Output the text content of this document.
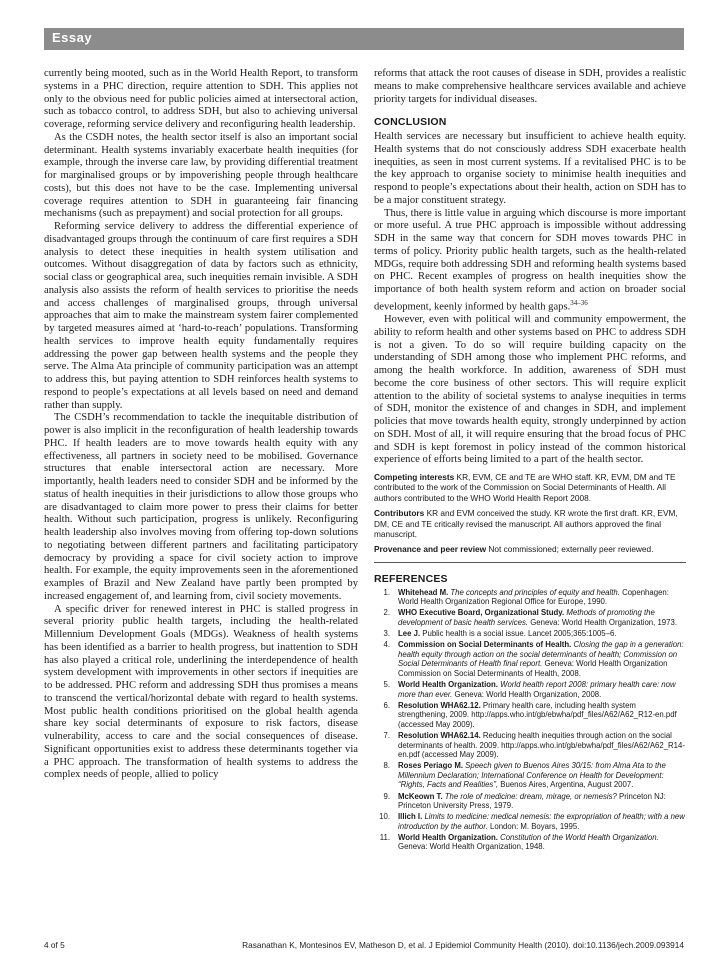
Essay

currently being mooted, such as in the World Health Report, to transform systems in a PHC direction, require attention to SDH. This applies not only to the obvious need for public policies aimed at intersectoral action, such as tobacco control, to address SDH, but also to achieving universal coverage, reforming service delivery and reconfiguring health leadership.

As the CSDH notes, the health sector itself is also an important social determinant. Health systems invariably exacerbate health inequities (for example, through the inverse care law, by providing differential treatment for marginalised groups or by impoverishing people through healthcare costs), but this does not have to be the case. Implementing universal coverage requires attention to SDH in guaranteeing fair financing mechanisms (such as prepayment) and social protection for all groups.

Reforming service delivery to address the differential experience of disadvantaged groups through the continuum of care first requires a SDH analysis to detect these inequities in health system utilisation and outcomes. Without disaggregation of data by factors such as ethnicity, social class or geographical area, such inequities remain invisible. A SDH analysis also assists the reform of health services to prioritise the needs and access challenges of marginalised groups, through universal approaches that aim to make the mainstream system fairer complemented by targeted measures aimed at ‘hard-to-reach’ populations. Transforming health services to improve health equity fundamentally requires addressing the power gap between health systems and the people they serve. The Alma Ata principle of community participation was an attempt to address this, but paying attention to SDH reinforces health systems to respond to people’s expectations at all levels based on need and demand rather than supply.

The CSDH’s recommendation to tackle the inequitable distribution of power is also implicit in the reconfiguration of health leadership towards PHC. If health leaders are to move towards health equity with any effectiveness, all partners in society need to be mobilised. Governance structures that enable intersectoral action are necessary. More importantly, health leaders need to consider SDH and be informed by the status of health inequities in their jurisdictions to allow those groups who are disadvantaged to claim more power to press their claims for better health. Without such participation, progress is unlikely. Reconfiguring health leadership also involves moving from offering top-down solutions to negotiating between different partners and facilitating participatory democracy by providing a space for civil society action to improve health. For example, the equity improvements seen in the aforementioned examples of Brazil and New Zealand have partly been prompted by increased engagement of, and learning from, civil society movements.

A specific driver for renewed interest in PHC is stalled progress in several priority public health targets, including the health-related Millennium Development Goals (MDGs). Weakness of health systems has been identified as a barrier to health progress, but inattention to SDH has also played a critical role, underlining the interdependence of health system development with improvements in other sectors if inequities are to be addressed. PHC reform and addressing SDH thus promises a means to transcend the vertical/horizontal debate with regard to health systems. Most public health conditions prioritised on the global health agenda share key social determinants of exposure to risk factors, disease vulnerability, access to care and the social consequences of disease. Significant opportunities exist to address these determinants together via a PHC approach. The transformation of health systems to address the complex needs of people, allied to policy

reforms that attack the root causes of disease in SDH, provides a realistic means to make comprehensive healthcare services available and achieve priority targets for individual diseases.

CONCLUSION

Health services are necessary but insufficient to achieve health equity. Health systems that do not consciously address SDH exacerbate health inequities, as seen in most current systems. If a revitalised PHC is to be the key approach to organise society to minimise health inequities and respond to people’s expectations about their health, action on SDH has to be a major constituent strategy.

Thus, there is little value in arguing which discourse is more important or more useful. A true PHC approach is impossible without addressing SDH in the same way that concern for SDH moves towards PHC in terms of policy. Priority public health targets, such as the health-related MDGs, require both addressing SDH and reforming health systems based on PHC. Recent examples of progress on health inequities show the importance of both health system reform and action on broader social development, keenly informed by health gaps.$^{34-36}$

However, even with political will and community empowerment, the ability to reform health and other systems based on PHC to address SDH is not a given. To do so will require building capacity on the understanding of SDH among those who implement PHC reforms, and among the health workforce. In addition, awareness of SDH must become the core business of other sectors. This will require explicit attention to the ability of societal systems to analyse inequities in terms of SDH, monitor the existence of and changes in SDH, and implement policies that move towards health equity, strongly underpinned by action on SDH. Most of all, it will require ensuring that the broad focus of PHC and SDH is kept foremost in policy instead of the common historical experience of efforts being limited to a part of the health sector.

Competing interests KR, EVM, CE and TE are WHO staff. KR, EVM, DM and TE contributed to the work of the Commission on Social Determinants of Health. All authors contributed to the WHO World Health Report 2008.
Contributors KR and EVM conceived the study. KR wrote the first draft. KR, EVM, DM, CE and TE critically revised the manuscript. All authors approved the final manuscript.
Provenance and peer review Not commissioned; externally peer reviewed.
REFERENCES
1. Whitehead M. The concepts and principles of equity and health. Copenhagen: World Health Organization Regional Office for Europe, 1990.
2. WHO Executive Board, Organizational Study. Methods of promoting the development of basic health services. Geneva: World Health Organization, 1973.
3. Lee J. Public health is a social issue. Lancet 2005;365:1005–6.
4. Commission on Social Determinants of Health. Closing the gap in a generation: health equity through action on the social determinants of health; Commission on Social Determinants of Health final report. Geneva: World Health Organization Commission on Social Determinants of Health, 2008.
5. World Health Organization. World health report 2008: primary health care: now more than ever. Geneva: World Health Organization, 2008.
6. Resolution WHA62.12. Primary health care, including health system strengthening, 2009. http://apps.who.int/gb/ebwha/pdf_files/A62/A62_R12-en.pdf (accessed May 2009).
7. Resolution WHA62.14. Reducing health inequities through action on the social determinants of health. 2009. http://apps.who.int/gb/ebwha/pdf_files/A62/A62_R14-en.pdf (accessed May 2009).
8. Roses Periago M. Speech given to Buenos Aires 30/15: from Alma Ata to the Millennium Declaration; International Conference on Health for Development: “Rights, Facts and Realities”, Buenos Aires, Argentina, August 2007.
9. McKeown T. The role of medicine: dream, mirage, or nemesis? Princeton NJ: Princeton University Press, 1979.
10. Illich I. Limits to medicine: medical nemesis: the expropriation of health; with a new introduction by the author. London: M. Boyars, 1995.
11. World Health Organization. Constitution of the World Health Organization. Geneva: World Health Organization, 1948.
4 of 5	Rasanathan K, Montesinos EV, Matheson D, et al. J Epidemiol Community Health (2010). doi:10.1136/jech.2009.093914
